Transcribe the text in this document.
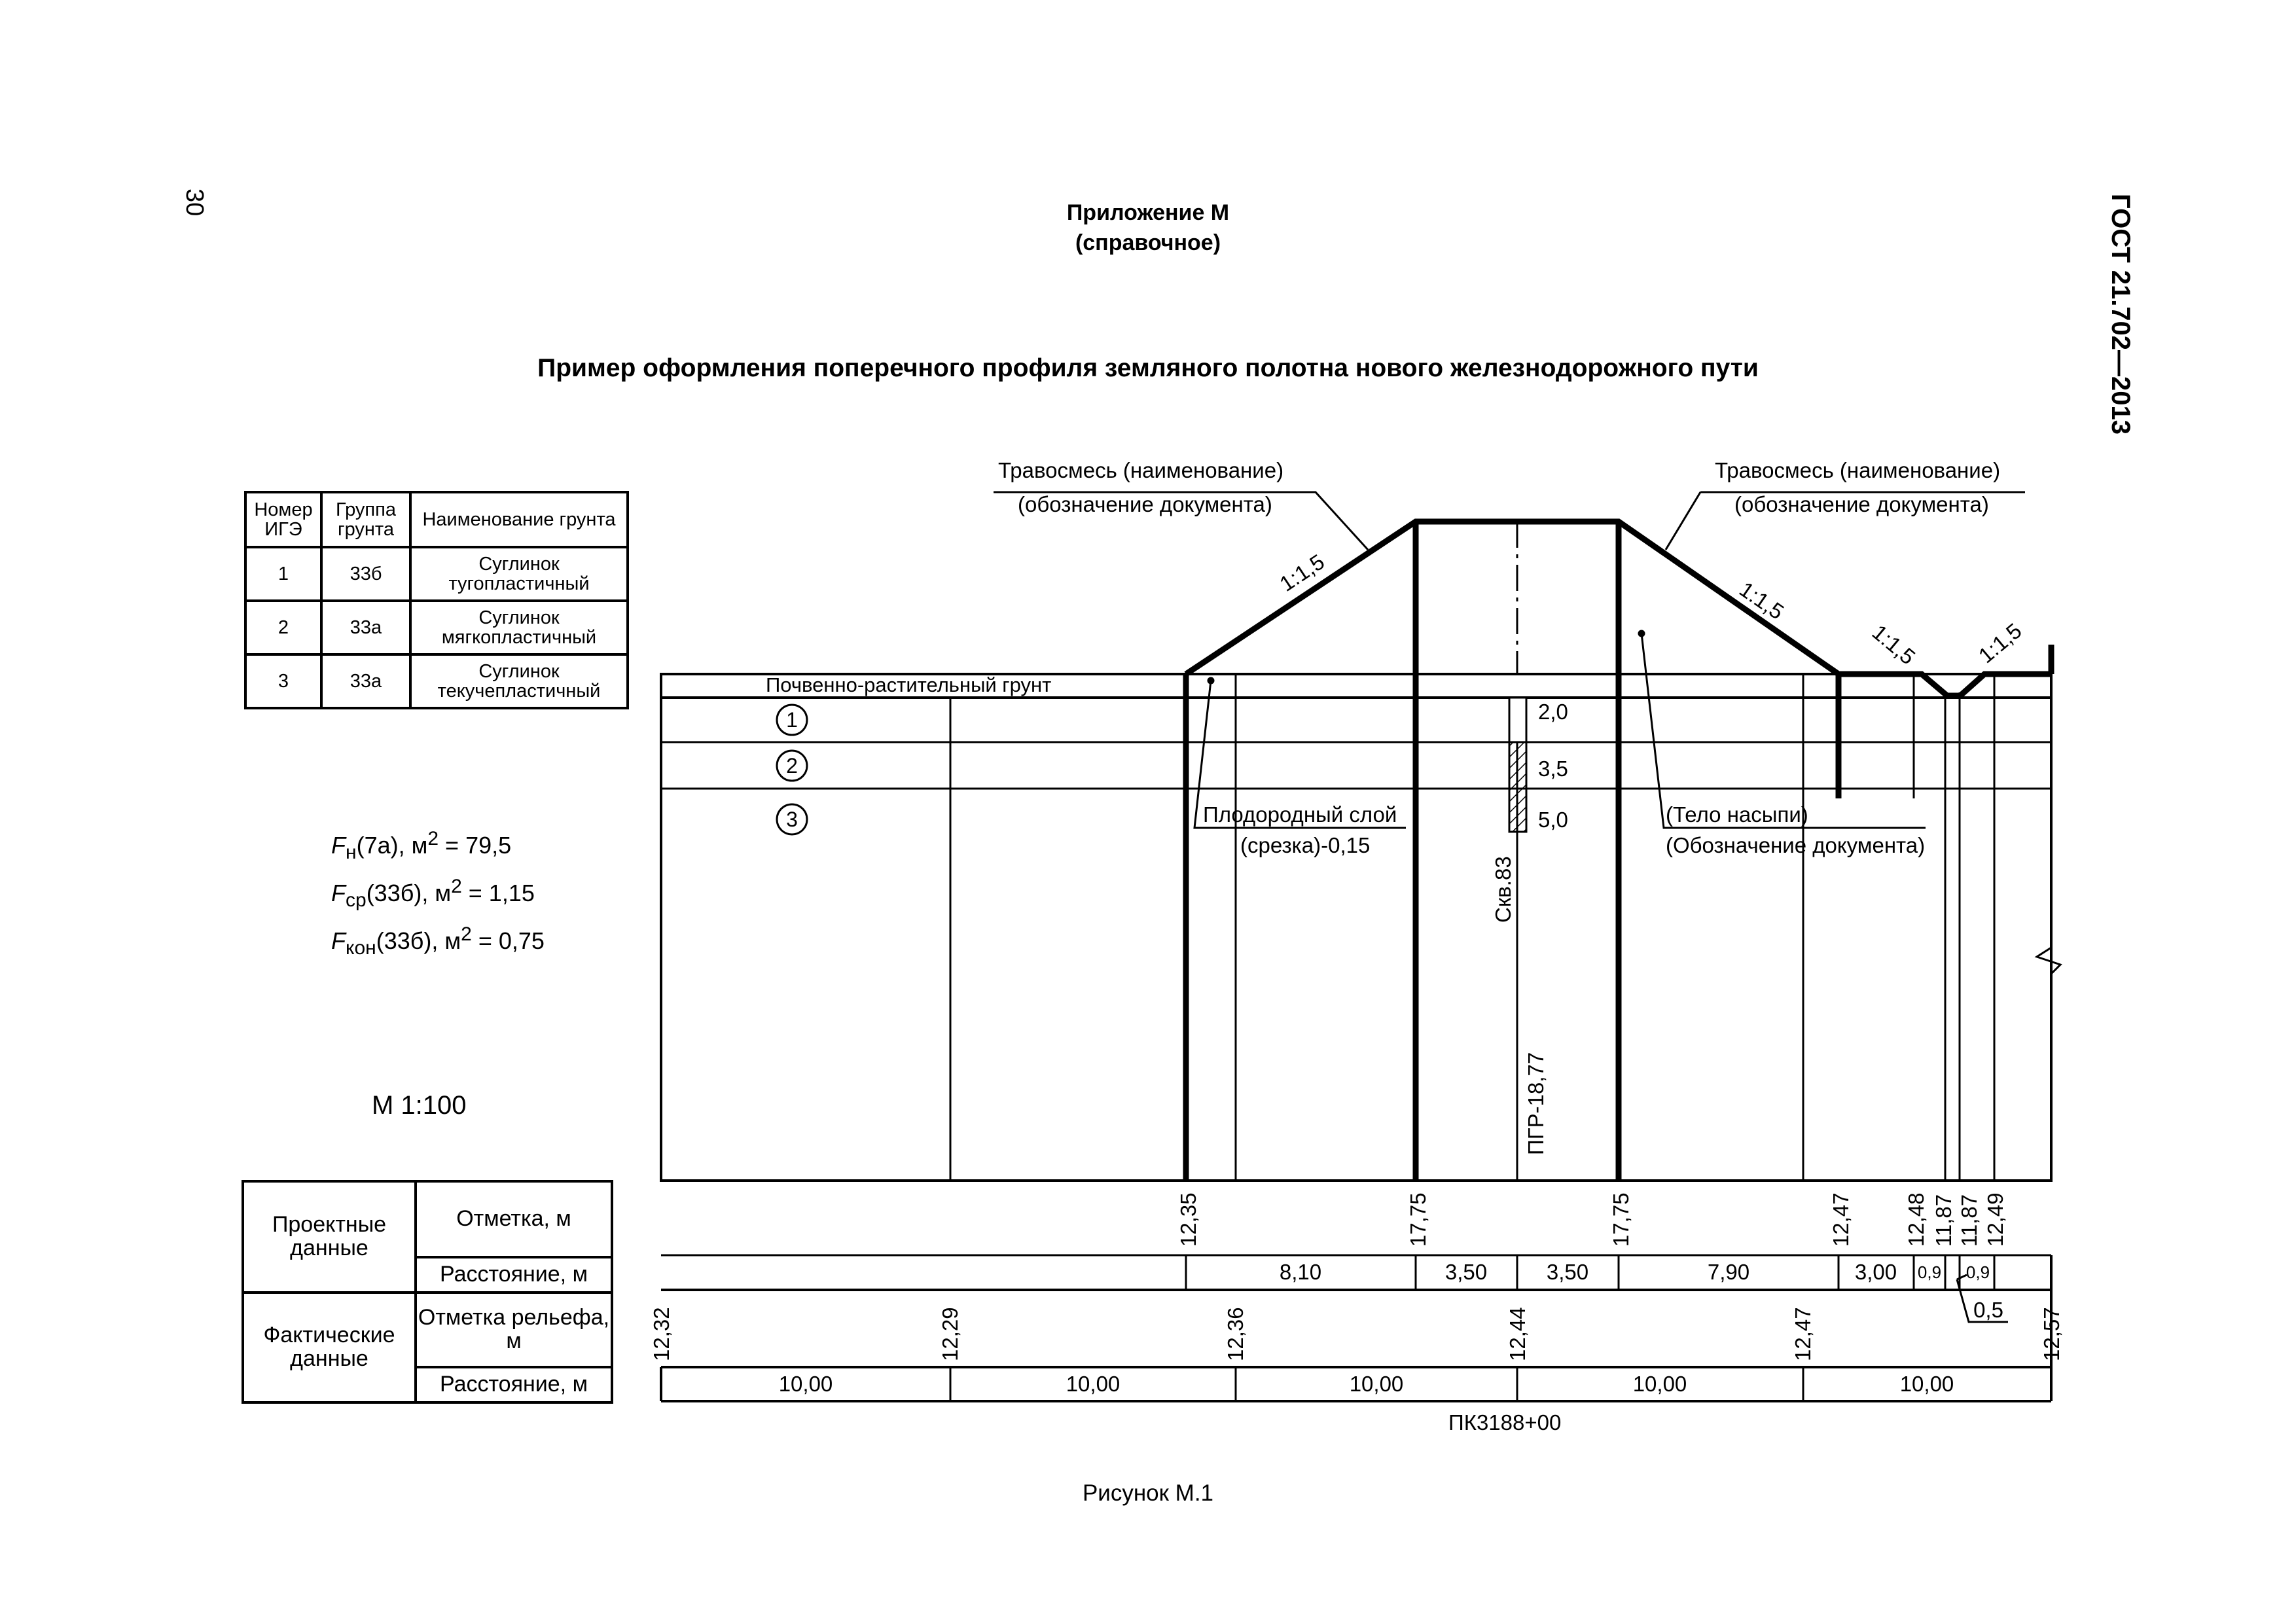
30	ГОСТ 21.702—2013
Приложение М
(справочное)
Пример оформления поперечного профиля земляного полотна нового железнодорожного пути
Номер ИГЭ	Группа грунта	Наименование грунта
1	33б	Суглинок тугопластичный
2	33а	Суглинок мягкопластичный
3	33а	Суглинок текучепластичный
$F_н(7а)$, $м^2 = 79,5$
$F_{ср}(33б)$, $м^2 = 1,15$
$F_{кон}(33б)$, $м^2 = 0,75$
М 1:100
Проектные данные	Отметка, м
	Расстояние, м
Фактические данные	Отметка рельефа, м
	Расстояние, м
1
2
3
Травосмесь (наименование)
(обозначение документа)
Травосмесь (наименование)
(обозначение документа)
Почвенно-растительный грунт
Плодородный слой
(срезка)-0,15
(Тело насыпи)
(Обозначение документа)
2,0
3,5
5,0
Скв.83
ПГР-18,77
ПК3188+00
1:1,5
1:1,5
1:1,5 1:1,5
12,35	17,75	17,75	12,47 12,48 11,87 11,87 12,49
8,10	3,50	3,50	7,90	3,00 0,9 0,9
0,5
12,32	12,29	12,36	12,44	12,47	12,57
10,00	10,00	10,00	10,00	10,00
Рисунок М.1
